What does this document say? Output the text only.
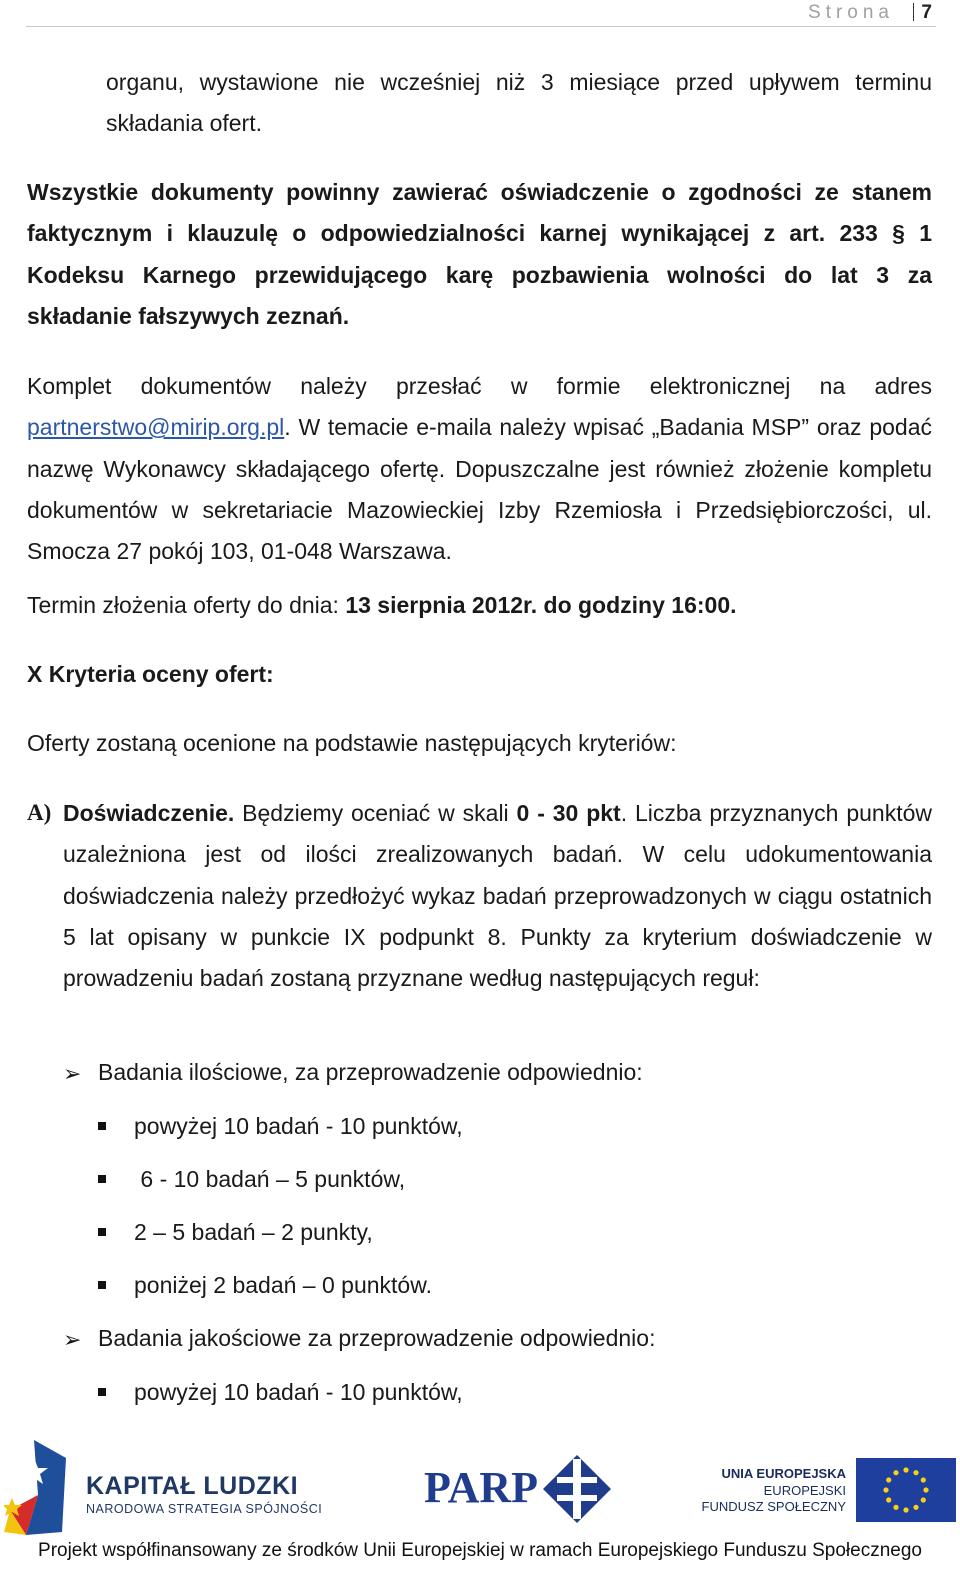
Strona 7

organu, wystawione nie wcześniej niż 3 miesiące przed upływem terminu

składania ofert.

Wszystkie dokumenty powinny zawierać oświadczenie o zgodności ze stanem faktycznym i klauzulę o odpowiedzialności karnej wynikającej z art. 233 § 1 Kodeksu Karnego przewidującego karę pozbawienia wolności do lat 3 za składanie fałszywych zeznań.

Komplet dokumentów należy przesłać w formie elektronicznej na adres partnerstwo@mirip.org.pl. W temacie e-maila należy wpisać „Badania MSP” oraz podać nazwę Wykonawcy składającego ofertę. Dopuszczalne jest również złożenie kompletu dokumentów w sekretariacie Mazowieckiej Izby Rzemiosła i Przedsiębiorczości, ul. Smocza 27 pokój 103, 01-048 Warszawa.

Termin złożenia oferty do dnia: 13 sierpnia 2012r. do godziny 16:00.

X Kryteria oceny ofert:

Oferty zostaną ocenione na podstawie następujących kryteriów:

A) Doświadczenie. Będziemy oceniać w skali 0 - 30 pkt. Liczba przyznanych punktów uzależniona jest od ilości zrealizowanych badań. W celu udokumentowania doświadczenia należy przedłożyć wykaz badań przeprowadzonych w ciągu ostatnich 5 lat opisany w punkcie IX podpunkt 8. Punkty za kryterium doświadczenie w prowadzeniu badań zostaną przyznane według następujących reguł:

➢ Badania ilościowe, za przeprowadzenie odpowiednio:

powyżej 10 badań - 10 punktów,

6 - 10 badań – 5 punktów,

2 – 5 badań – 2 punkty,

poniżej 2 badań – 0 punktów.

➢ Badania jakościowe za przeprowadzenie odpowiednio:

powyżej 10 badań - 10 punktów,

KAPITAŁ LUDZKI
NARODOWA STRATEGIA SPÓJNOŚCI PARP	UNIA EUROPEJSKA
EUROPEJSKI
FUNDUSZ SPOŁECZNY
Projekt współfinansowany ze środków Unii Europejskiej w ramach Europejskiego Funduszu Społecznego
